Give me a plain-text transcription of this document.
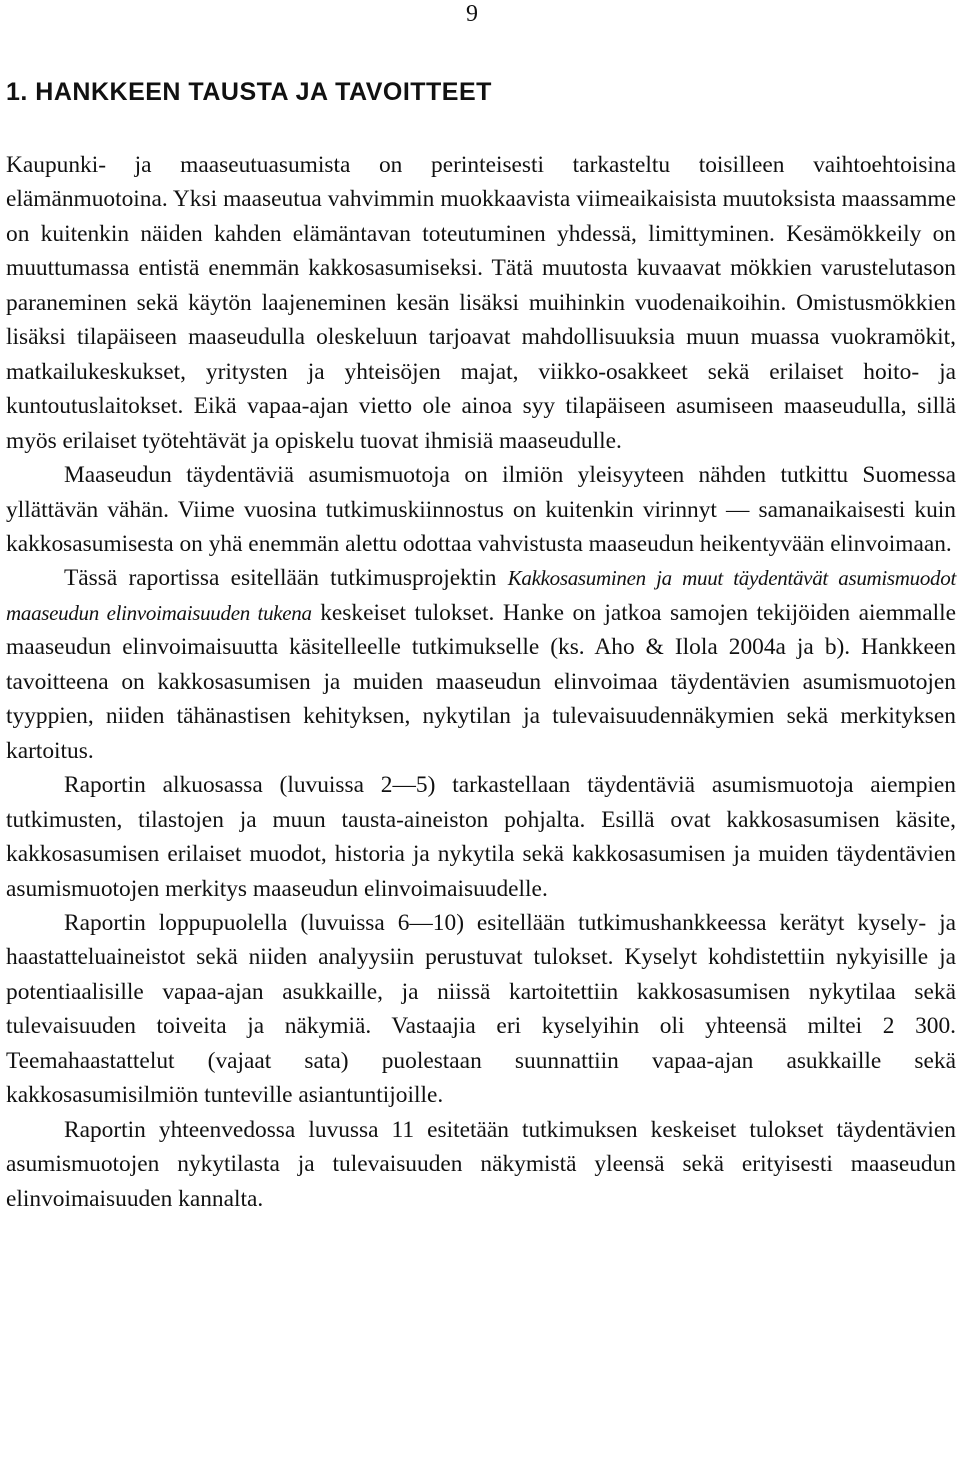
9
1. HANKKEEN TAUSTA JA TAVOITTEET

Kaupunki- ja maaseutuasumista on perinteisesti tarkasteltu toisilleen vaihtoehtoisina elämänmuotoina. Yksi maaseutua vahvimmin muokkaavista viimeaikaisista muutoksista maassamme on kuitenkin näiden kahden elämäntavan toteutuminen yhdessä, limittyminen. Kesämökkeily on muuttumassa entistä enemmän kakkosasumiseksi. Tätä muutosta kuvaavat mökkien varustelutason paraneminen sekä käytön laajeneminen kesän lisäksi muihinkin vuodenaikoihin. Omistusmökkien lisäksi tilapäiseen maaseudulla oleskeluun tarjoavat mahdollisuuksia muun muassa vuokramökit, matkailukeskukset, yritysten ja yhteisöjen majat, viikko-osakkeet sekä erilaiset hoito- ja kuntoutuslaitokset. Eikä vapaa-ajan vietto ole ainoa syy tilapäiseen asumiseen maaseudulla, sillä myös erilaiset työtehtävät ja opiskelu tuovat ihmisiä maaseudulle.

Maaseudun täydentäviä asumismuotoja on ilmiön yleisyyteen nähden tutkittu Suomessa yllättävän vähän. Viime vuosina tutkimuskiinnostus on kuitenkin virinnyt — samanaikaisesti kuin kakkosasumisesta on yhä enemmän alettu odottaa vahvistusta maaseudun heikentyvään elinvoimaan.

Tässä raportissa esitellään tutkimusprojektin Kakkosasuminen ja muut täydentävät asumismuodot maaseudun elinvoimaisuuden tukena keskeiset tulokset. Hanke on jatkoa samojen tekijöiden aiemmalle maaseudun elinvoimaisuutta käsitelleelle tutkimukselle (ks. Aho & Ilola 2004a ja b). Hankkeen tavoitteena on kakkosasumisen ja muiden maaseudun elinvoimaa täydentävien asumismuotojen tyyppien, niiden tähänastisen kehityksen, nykytilan ja tulevaisuudennäkymien sekä merkityksen kartoitus.

Raportin alkuosassa (luvuissa 2—5) tarkastellaan täydentäviä asumismuotoja aiempien tutkimusten, tilastojen ja muun tausta-aineiston pohjalta. Esillä ovat kakkosasumisen käsite, kakkosasumisen erilaiset muodot, historia ja nykytila sekä kakkosasumisen ja muiden täydentävien asumismuotojen merkitys maaseudun elinvoimaisuudelle.

Raportin loppupuolella (luvuissa 6—10) esitellään tutkimushankkeessa kerätyt kysely- ja haastatteluaineistot sekä niiden analyysiin perustuvat tulokset. Kyselyt kohdistettiin nykyisille ja potentiaalisille vapaa-ajan asukkaille, ja niissä kartoitettiin kakkosasumisen nykytilaa sekä tulevaisuuden toiveita ja näkymiä. Vastaajia eri kyselyihin oli yhteensä miltei 2 300. Teemahaastattelut (vajaat sata) puolestaan suunnattiin vapaa-ajan asukkaille sekä kakkosasumisilmiön tunteville asiantuntijoille.

Raportin yhteenvedossa luvussa 11 esitetään tutkimuksen keskeiset tulokset täydentävien asumismuotojen nykytilasta ja tulevaisuuden näkymistä yleensä sekä erityisesti maaseudun elinvoimaisuuden kannalta.
